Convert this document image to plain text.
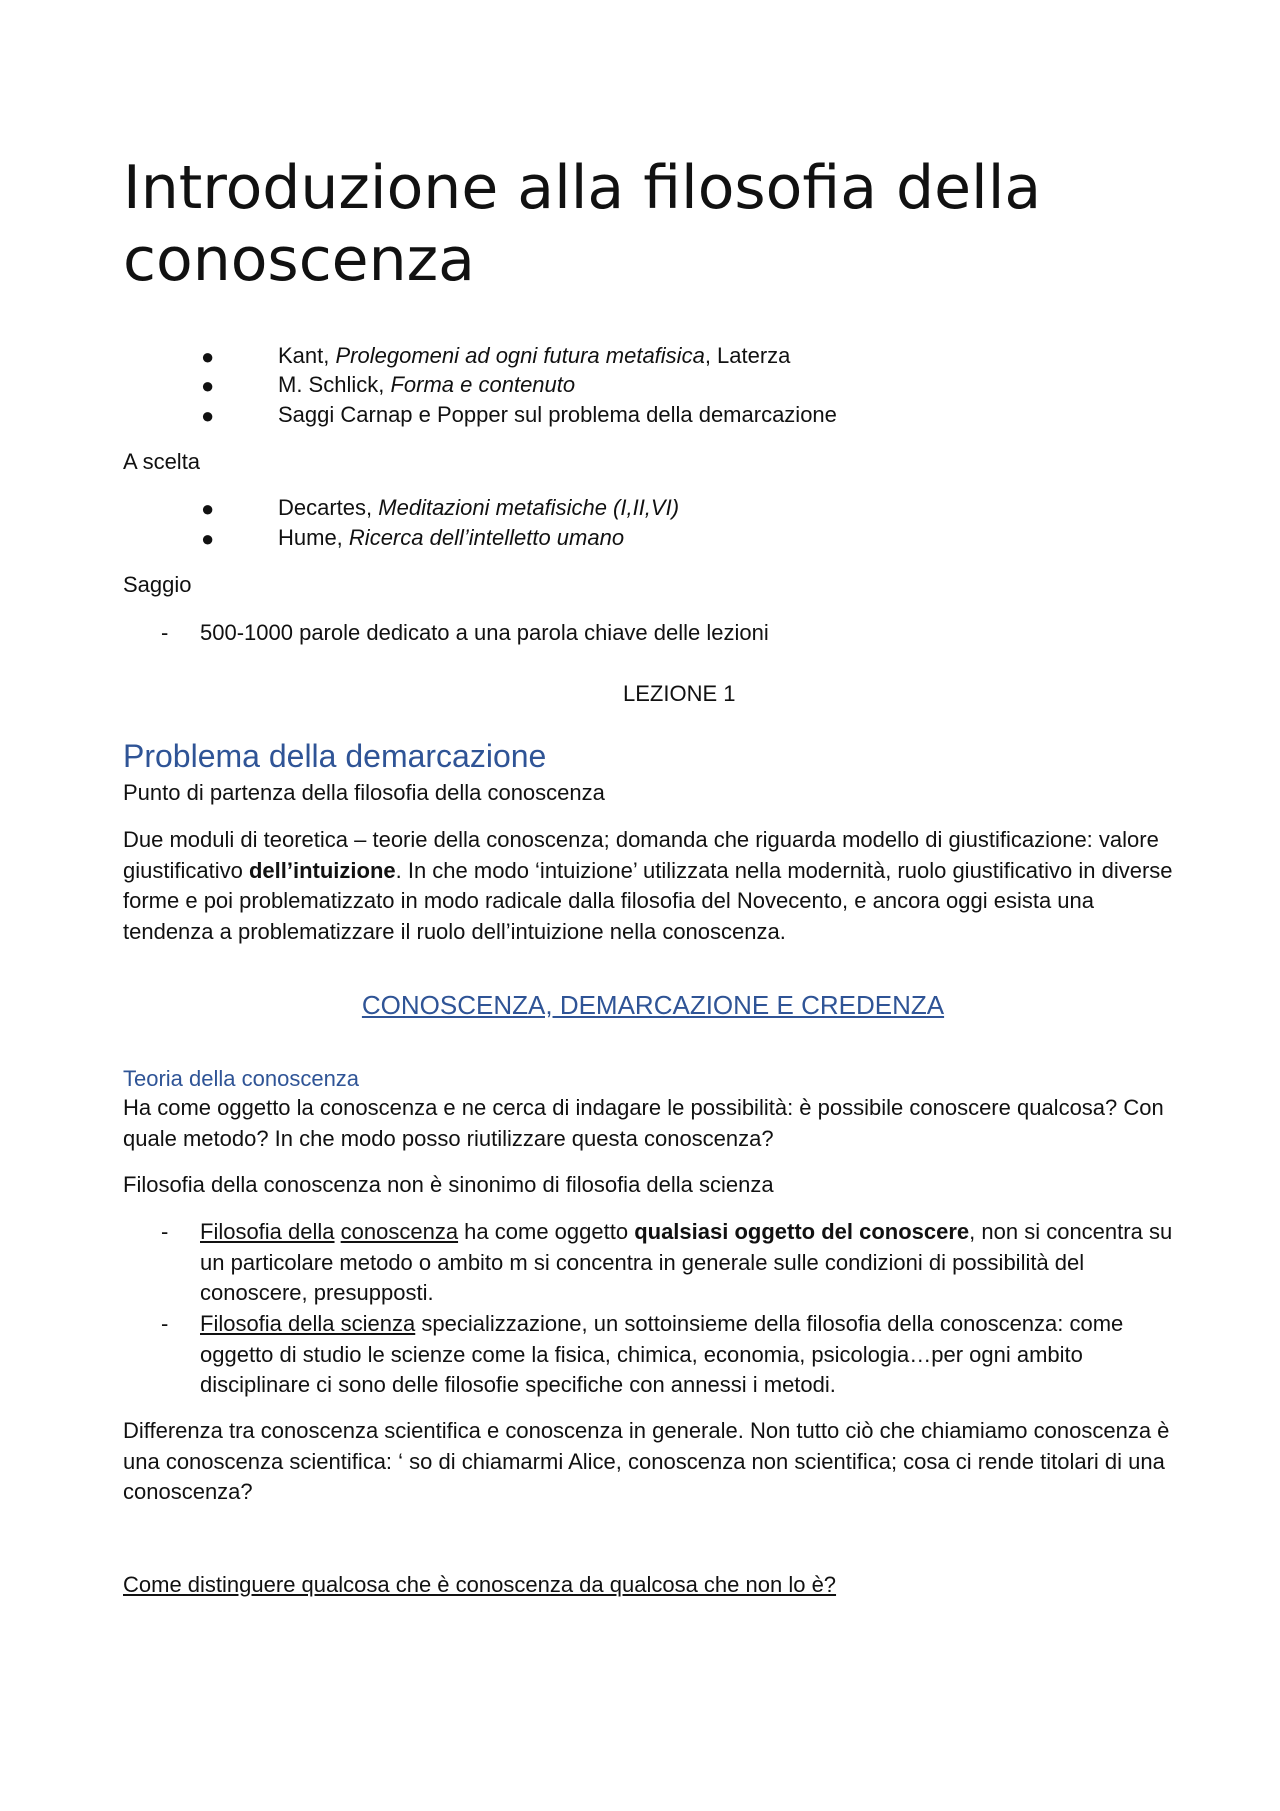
Introduzione alla filosofia della conoscenza
●	Kant, Prolegomeni ad ogni futura metafisica, Laterza
●	M. Schlick, Forma e contenuto
●	Saggi Carnap e Popper sul problema della demarcazione

A scelta

●	Decartes, Meditazioni metafisiche (I,II,VI)
●	Hume, Ricerca dell’intelletto umano

Saggio

- 500-1000 parole dedicato a una parola chiave delle lezioni
LEZIONE 1
Problema della demarcazione

Punto di partenza della filosofia della conoscenza

Due moduli di teoretica – teorie della conoscenza; domanda che riguarda modello di giustificazione: valore giustificativo dell’intuizione. In che modo ‘intuizione’ utilizzata nella modernità, ruolo giustificativo in diverse forme e poi problematizzato in modo radicale dalla filosofia del Novecento, e ancora oggi esista una tendenza a problematizzare il ruolo dell’intuizione nella conoscenza.
CONOSCENZA, DEMARCAZIONE E CREDENZA
Teoria della conoscenza
Ha come oggetto la conoscenza e ne cerca di indagare le possibilità: è possibile conoscere qualcosa? Con quale metodo? In che modo posso riutilizzare questa conoscenza?

Filosofia della conoscenza non è sinonimo di filosofia della scienza

- Filosofia della conoscenza ha come oggetto qualsiasi oggetto del conoscere, non si concentra su un particolare metodo o ambito m si concentra in generale sulle condizioni di possibilità del conoscere, presupposti.
- Filosofia della scienza specializzazione, un sottoinsieme della filosofia della conoscenza: come oggetto di studio le scienze come la fisica, chimica, economia, psicologia…per ogni ambito disciplinare ci sono delle filosofie specifiche con annessi i metodi.
Differenza tra conoscenza scientifica e conoscenza in generale. Non tutto ciò che chiamiamo conoscenza è una conoscenza scientifica: ‘ so di chiamarmi Alice, conoscenza non scientifica; cosa ci rende titolari di una conoscenza?
Come distinguere qualcosa che è conoscenza da qualcosa che non lo è?
